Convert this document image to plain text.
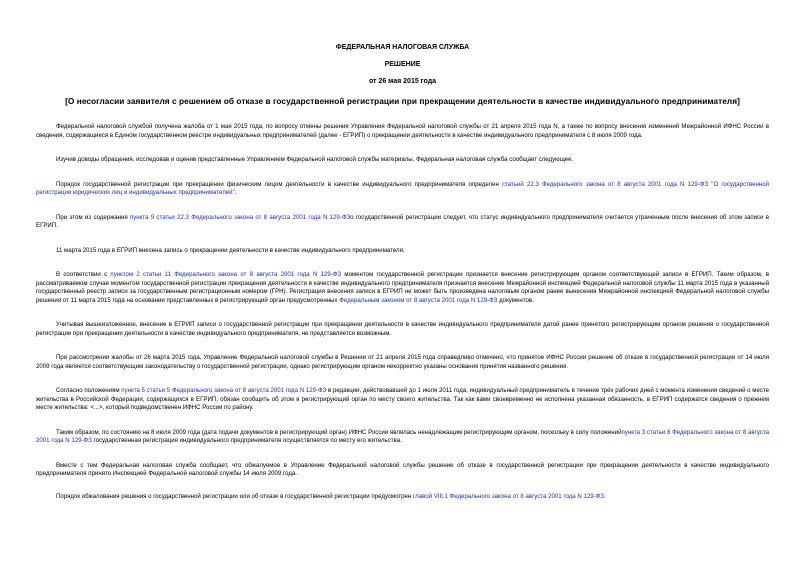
ФЕДЕРАЛЬНАЯ НАЛОГОВАЯ СЛУЖБА
РЕШЕНИЕ
от 26 мая 2015 года
[О несогласии заявителя с решением об отказе в государственной регистрации при прекращении деятельности в качестве индивидуального предпринимателя]

Федеральной налоговой службой получена жалоба от 1 мая 2015 года, по вопросу отмены решения Управления Федеральной налоговой службы от 21 апреля 2015 года N, а также по вопросу внесения изменений Межрайонной ИФНС России в сведения, содержащиеся в Едином государственном реестре индивидуальных предпринимателей (далее - ЕГРИП) о прекращении деятельности в качестве индивидуального предпринимателя с 8 июля 2009 года.

Изучив доводы обращения, исследовав и оценив представленные Управлением Федеральной налоговой службы материалы, Федеральная налоговая служба сообщает следующее.

Порядок государственной регистрации при прекращении физическим лицом деятельности в качестве индивидуального предпринимателя определен статьей 22.3 Федерального закона от 8 августа 2001 года N 129-ФЗ "О государственной регистрации юридических лиц и индивидуальных предпринимателей".

При этом из содержания пункта 9 статьи 22.3 Федерального закона от 8 августа 2001 года N 129-ФЗо государственной регистрации следует, что статус индивидуального предпринимателя считается утраченным после внесения об этом записи в ЕГРИП.

11 марта 2015 года в ЕГРИП внесена запись о прекращении деятельности в качестве индивидуального предпринимателя.

В соответствии с пунктом 2 статьи 11 Федерального закона от 8 августа 2001 года N 129-ФЗ моментом государственной регистрации признается внесение регистрирующим органом соответствующей записи в ЕГРИП. Таким образом, в рассматриваемом случае моментом государственной регистрации прекращения деятельности в качестве индивидуального предпринимателя признается внесение Межрайонной инспекцией Федеральной налоговой службы 11 марта 2015 года в указанный государственный реестр записи за государственным регистрационным номером (ГРН). Регистрация внесения записи в ЕГРИП не может быть произведена налоговым органом ранее вынесения Межрайонной инспекцией Федеральной налоговой службы решения от 11 марта 2015 года на основании представленных в регистрирующий орган предусмотренных Федеральным законом от 8 августа 2001 года N 129-ФЗ документов.

Учитывая вышеизложенное, внесение в ЕГРИП записи о государственной регистрации при прекращении деятельности в качестве индивидуального предпринимателя датой ранее принятого регистрирующим органом решения о государственной регистрации при прекращении деятельности в качестве индивидуального предпринимателя, не представляется возможным.

При рассмотрении жалобы от 26 марта 2015 года, Управление Федеральной налоговой службы в Решении от 21 апреля 2015 года справедливо отмечено, что принятое ИФНС России решение об отказе в государственной регистрации от 14 июля 2009 года является соответствующим законодательству о государственной регистрации, однако регистрирующим органом некорректно указаны основания принятия названного решения.

Согласно положениям пункта 5 статьи 5 Федерального закона от 8 августа 2001 года N 129-ФЗ в редакции, действовавшей до 1 июля 2011 года, индивидуальный предприниматель в течение трёх рабочих дней с момента изменения сведений о месте жительства в Российской Федерации, содержащихся в ЕГРИП, обязан сообщить об этом в регистрирующий орган по месту своего жительства. Так как вами своевременно не исполнена указанная обязанность, в ЕГРИП содержатся сведения о прежнем месте жительства: <...>, который подведомственен ИФНС России по району.

Таким образом, по состоянию на 8 июля 2009 года (дата подачи документов в регистрирующий орган) ИФНС России являлась ненадлежащим регистрирующим органом, поскольку в силу положенийпункта 3 статьи 8 Федерального закона от 8 августа 2001 года N 129-ФЗ государственная регистрация индивидуального предпринимателя осуществляется по месту его жительства.

Вместе с тем Федеральная налоговая служба сообщает, что обжалуемое в Управление Федеральной налоговой службы решение об отказе в государственной регистрации при прекращении деятельности в качестве индивидуального предпринимателя принято Инспекцией Федеральной налоговой службы 14 июля 2009 года.

Порядок обжалования решения о государственной регистрации или об отказе в государственной регистрации предусмотрен главой VIII.1 Федерального закона от 8 августа 2001 года N 129-ФЗ.
